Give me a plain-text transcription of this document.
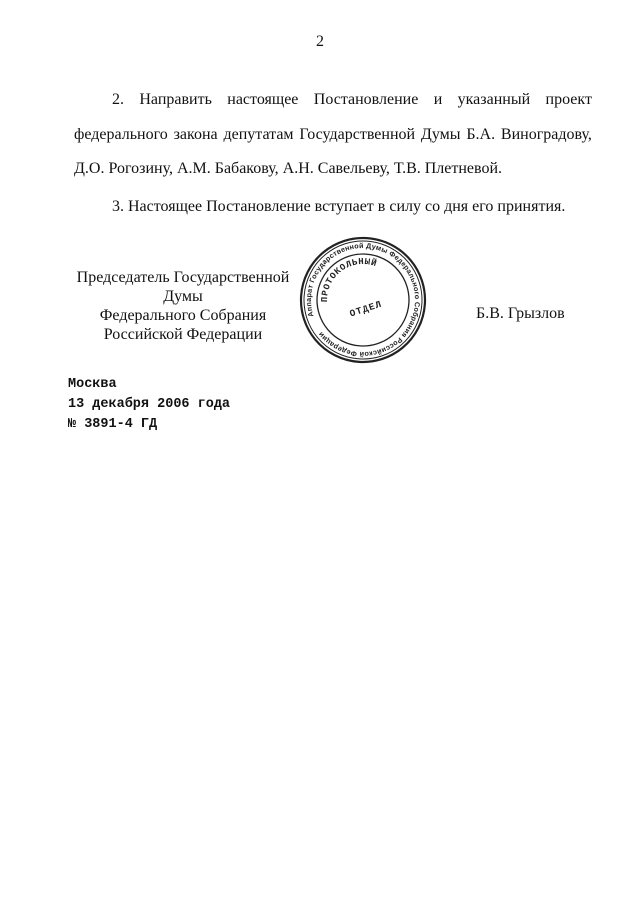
2
2. Направить настоящее Постановление и указанный проект
федерального закона депутатам Государственной Думы Б.А. Виноградову,
Д.О. Рогозину, А.М. Бабакову, А.Н. Савельеву, Т.В. Плетневой.
3. Настоящее Постановление вступает в силу со дня его принятия.
Председатель Государственной Думы
Федерального Собрания
Российской Федерации
Аппарат Государственной Думы Федерального Собрания Российской Федерации
ПРОТОКОЛЬНЫЙ
ОТДЕЛ	Б.В. Грызлов
Москва
13 декабря 2006 года
№ 3891-4 ГД
